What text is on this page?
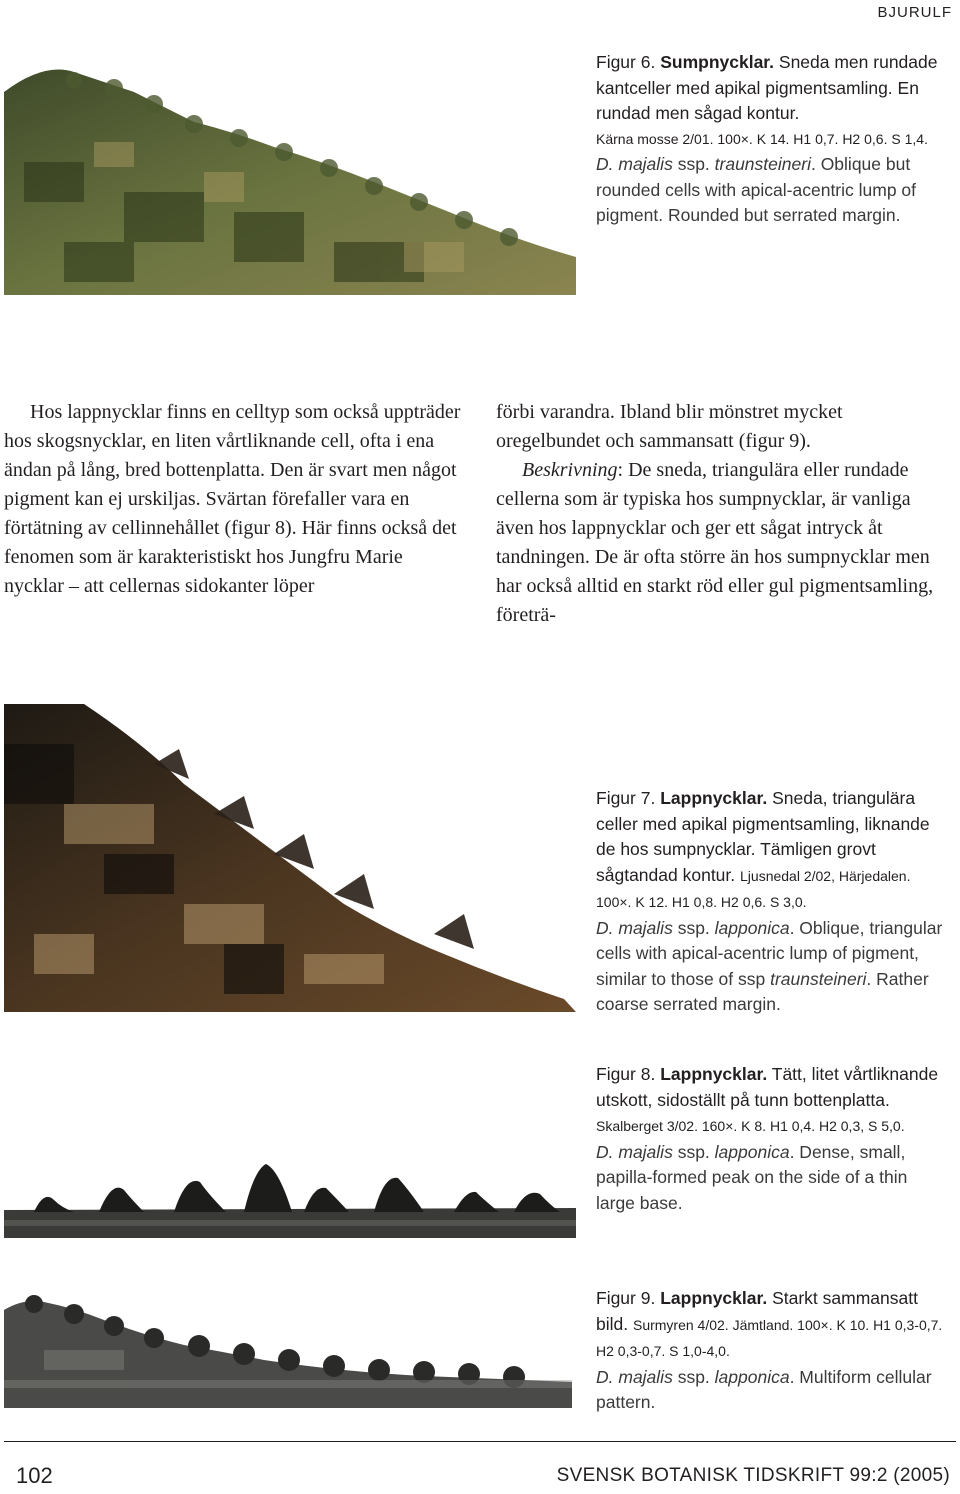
BJURULF
Figur 6. Sumpnycklar. Sneda men rundade kantceller med apikal pigmentsamling. En rundad men sågad kontur.
Kärna mosse 2/01. 100×. K 14. H1 0,7. H2 0,6. S 1,4.
D. majalis ssp. traunsteineri. Oblique but rounded cells with apical-acentric lump of pigment. Rounded but serrated margin.

Hos lappnycklar finns en celltyp som också uppträder hos skogsnycklar, en liten vårtliknande cell, ofta i ena ändan på lång, bred bottenplatta. Den är svart men något pigment kan ej urskiljas. Svärtan förefaller vara en förtätning av cellinnehållet (figur 8). Här finns också det fenomen som är karakteristiskt hos Jungfru Marie nycklar – att cellernas sidokanter löper

förbi varandra. Ibland blir mönstret mycket oregelbundet och sammansatt (figur 9).

Beskrivning: De sneda, triangulära eller rundade cellerna som är typiska hos sumpnycklar, är vanliga även hos lappnycklar och ger ett sågat intryck åt tandningen. De är ofta större än hos sumpnycklar men har också alltid en starkt röd eller gul pigmentsamling, företrä-

Figur 7. Lappnycklar. Sneda, triangulära celler med apikal pigmentsamling, liknande de hos sumpnycklar. Tämligen grovt sågtandad kontur. Ljusnedal 2/02, Härjedalen. 100×. K 12. H1 0,8. H2 0,6. S 3,0.
D. majalis ssp. lapponica. Oblique, triangular cells with apical-acentric lump of pigment, similar to those of ssp traunsteineri. Rather coarse serrated margin.
Figur 8. Lappnycklar. Tätt, litet vårtliknande utskott, sidoställt på tunn bottenplatta. Skalberget 3/02. 160×. K 8. H1 0,4. H2 0,3, S 5,0.
D. majalis ssp. lapponica. Dense, small, papilla-formed peak on the side of a thin large base.
Figur 9. Lappnycklar. Starkt sammansatt bild. Surmyren 4/02. Jämtland. 100×. K 10. H1 0,3-0,7. H2 0,3-0,7. S 1,0-4,0.
D. majalis ssp. lapponica. Multiform cellular pattern.
102	SVENSK BOTANISK TIDSKRIFT 99:2 (2005)
